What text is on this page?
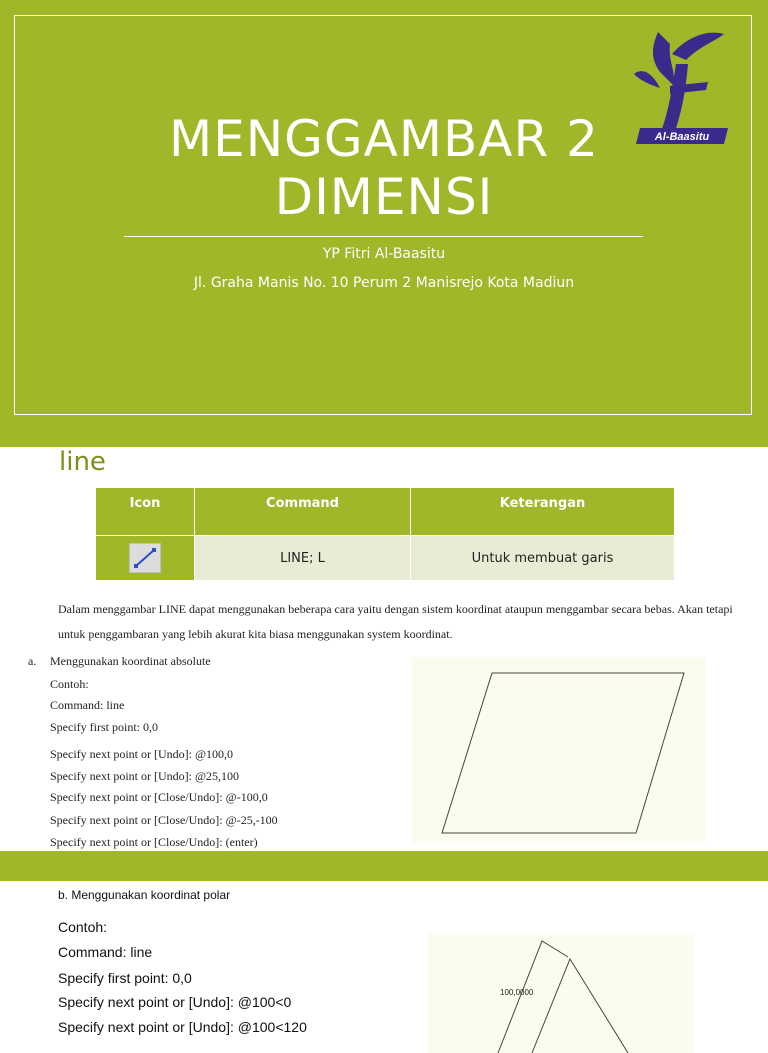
Al-Baasitu
MENGGAMBAR 2
DIMENSI
YP Fitri Al-Baasitu
Jl. Graha Manis No. 10 Perum 2 Manisrejo Kota Madiun
line
Icon	Command	Keterangan
	LINE; L	Untuk membuat garis
Dalam menggambar LINE dapat menggunakan beberapa cara yaitu dengan sistem koordinat ataupun menggambar secara bebas. Akan tetapi untuk penggambaran yang lebih akurat kita biasa menggunakan system koordinat.
a. Menggunakan koordinat absolute
Contoh:
Command: line
Specify first point: 0,0
Specify next point or [Undo]: @100,0
Specify next point or [Undo]: @25,100
Specify next point or [Close/Undo]: @-100,0
Specify next point or [Close/Undo]: @-25,-100
Specify next point or [Close/Undo]: (enter)
b. Menggunakan koordinat polar
Contoh:
Command: line
Specify first point: 0,0
Specify next point or [Undo]: @100<0
Specify next point or [Undo]: @100<120
100,0000
